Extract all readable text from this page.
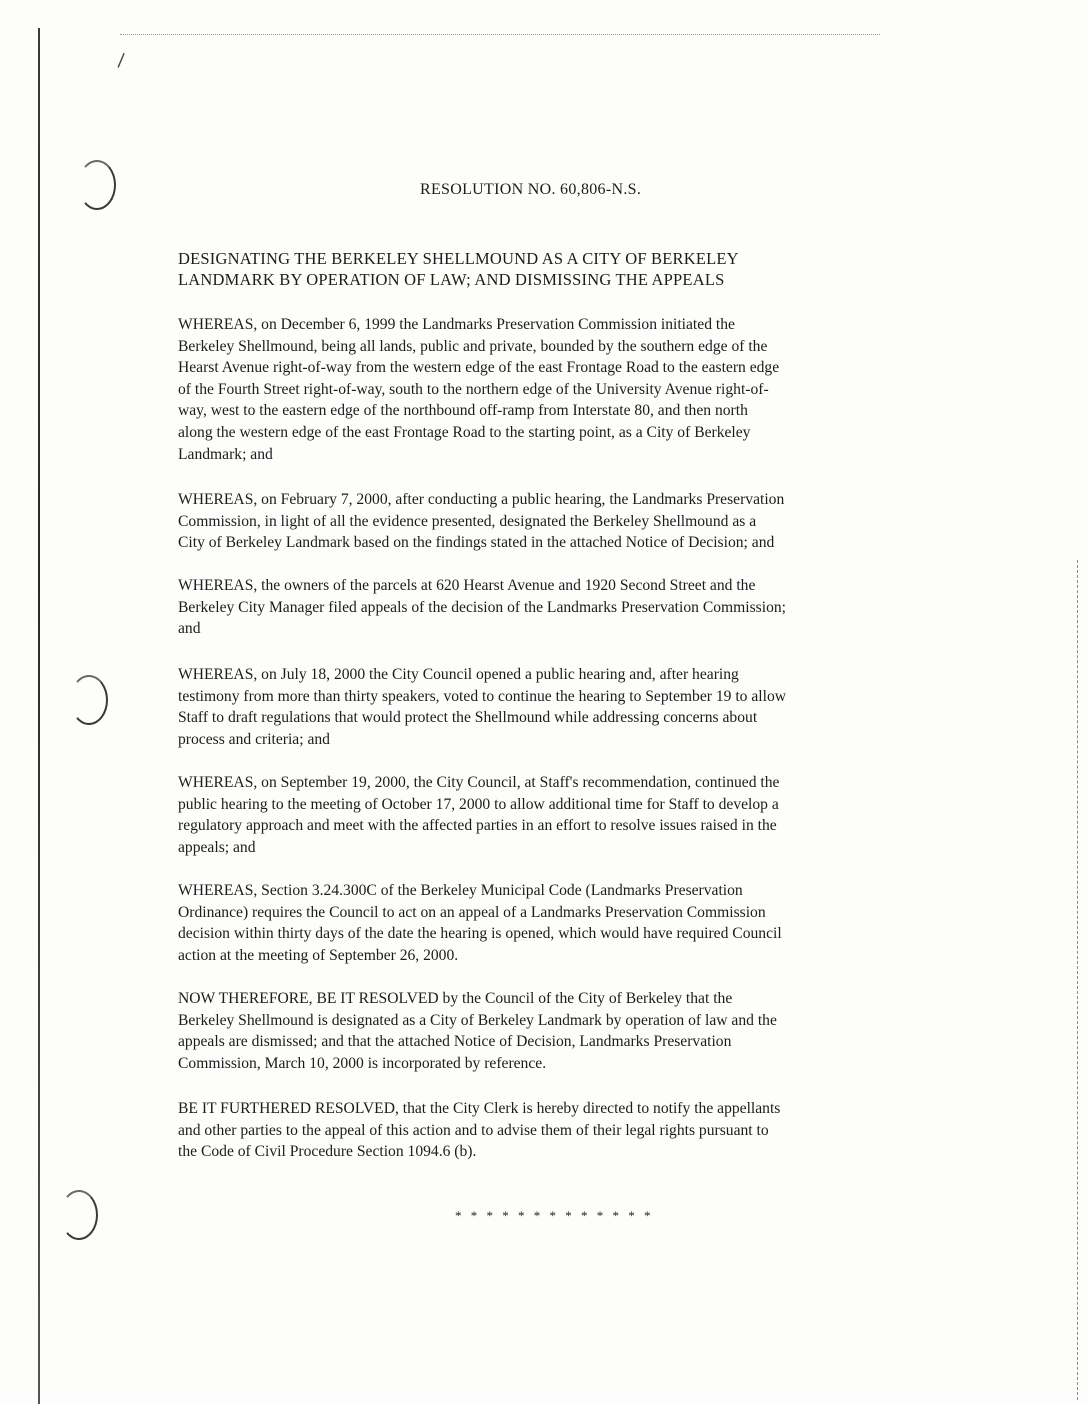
\
RESOLUTION NO. 60,806-N.S.
DESIGNATING THE BERKELEY SHELLMOUND AS A CITY OF BERKELEY
LANDMARK BY OPERATION OF LAW; AND DISMISSING THE APPEALS
WHEREAS, on December 6, 1999 the Landmarks Preservation Commission initiated the
Berkeley Shellmound, being all lands, public and private, bounded by the southern edge of the
Hearst Avenue right-of-way from the western edge of the east Frontage Road to the eastern edge
of the Fourth Street right-of-way, south to the northern edge of the University Avenue right-of-
way, west to the eastern edge of the northbound off-ramp from Interstate 80, and then north
along the western edge of the east Frontage Road to the starting point, as a City of Berkeley
Landmark; and
WHEREAS, on February 7, 2000, after conducting a public hearing, the Landmarks Preservation
Commission, in light of all the evidence presented, designated the Berkeley Shellmound as a
City of Berkeley Landmark based on the findings stated in the attached Notice of Decision; and
WHEREAS, the owners of the parcels at 620 Hearst Avenue and 1920 Second Street and the
Berkeley City Manager filed appeals of the decision of the Landmarks Preservation Commission;
and
WHEREAS, on July 18, 2000 the City Council opened a public hearing and, after hearing
testimony from more than thirty speakers, voted to continue the hearing to September 19 to allow
Staff to draft regulations that would protect the Shellmound while addressing concerns about
process and criteria; and
WHEREAS, on September 19, 2000, the City Council, at Staff's recommendation, continued the
public hearing to the meeting of October 17, 2000 to allow additional time for Staff to develop a
regulatory approach and meet with the affected parties in an effort to resolve issues raised in the
appeals; and
WHEREAS, Section 3.24.300C of the Berkeley Municipal Code (Landmarks Preservation
Ordinance) requires the Council to act on an appeal of a Landmarks Preservation Commission
decision within thirty days of the date the hearing is opened, which would have required Council
action at the meeting of September 26, 2000.
NOW THEREFORE, BE IT RESOLVED by the Council of the City of Berkeley that the
Berkeley Shellmound is designated as a City of Berkeley Landmark by operation of law and the
appeals are dismissed; and that the attached Notice of Decision, Landmarks Preservation
Commission, March 10, 2000 is incorporated by reference.
BE IT FURTHERED RESOLVED, that the City Clerk is hereby directed to notify the appellants
and other parties to the appeal of this action and to advise them of their legal rights pursuant to
the Code of Civil Procedure Section 1094.6 (b).
* * * * * * * * * * * * *
